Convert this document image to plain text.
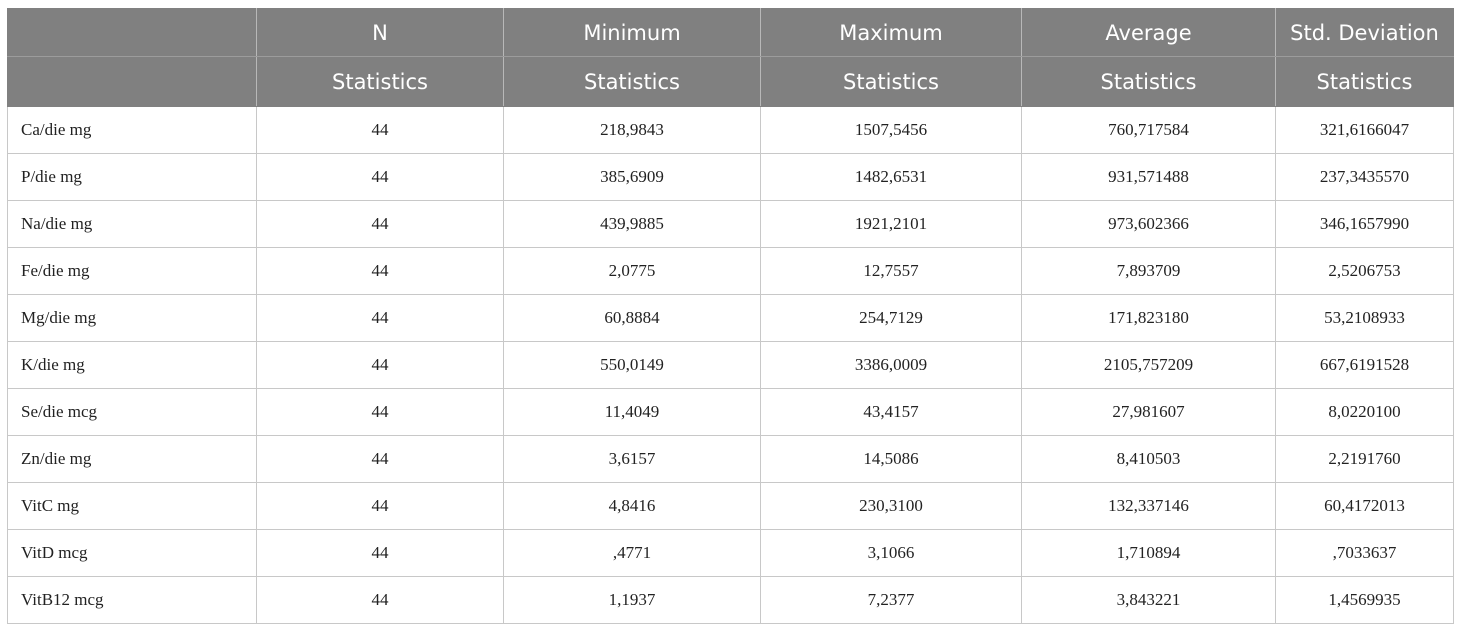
	N	Minimum	Maximum	Average	Std. Deviation
	Statistics	Statistics	Statistics	Statistics	Statistics
Ca/die mg	44	218,9843	1507,5456	760,717584	321,6166047
P/die mg	44	385,6909	1482,6531	931,571488	237,3435570
Na/die mg	44	439,9885	1921,2101	973,602366	346,1657990
Fe/die mg	44	2,0775	12,7557	7,893709	2,5206753
Mg/die mg	44	60,8884	254,7129	171,823180	53,2108933
K/die mg	44	550,0149	3386,0009	2105,757209	667,6191528
Se/die mcg	44	11,4049	43,4157	27,981607	8,0220100
Zn/die mg	44	3,6157	14,5086	8,410503	2,2191760
VitC mg	44	4,8416	230,3100	132,337146	60,4172013
VitD mcg	44	,4771	3,1066	1,710894	,7033637
VitB12 mcg	44	1,1937	7,2377	3,843221	1,4569935
